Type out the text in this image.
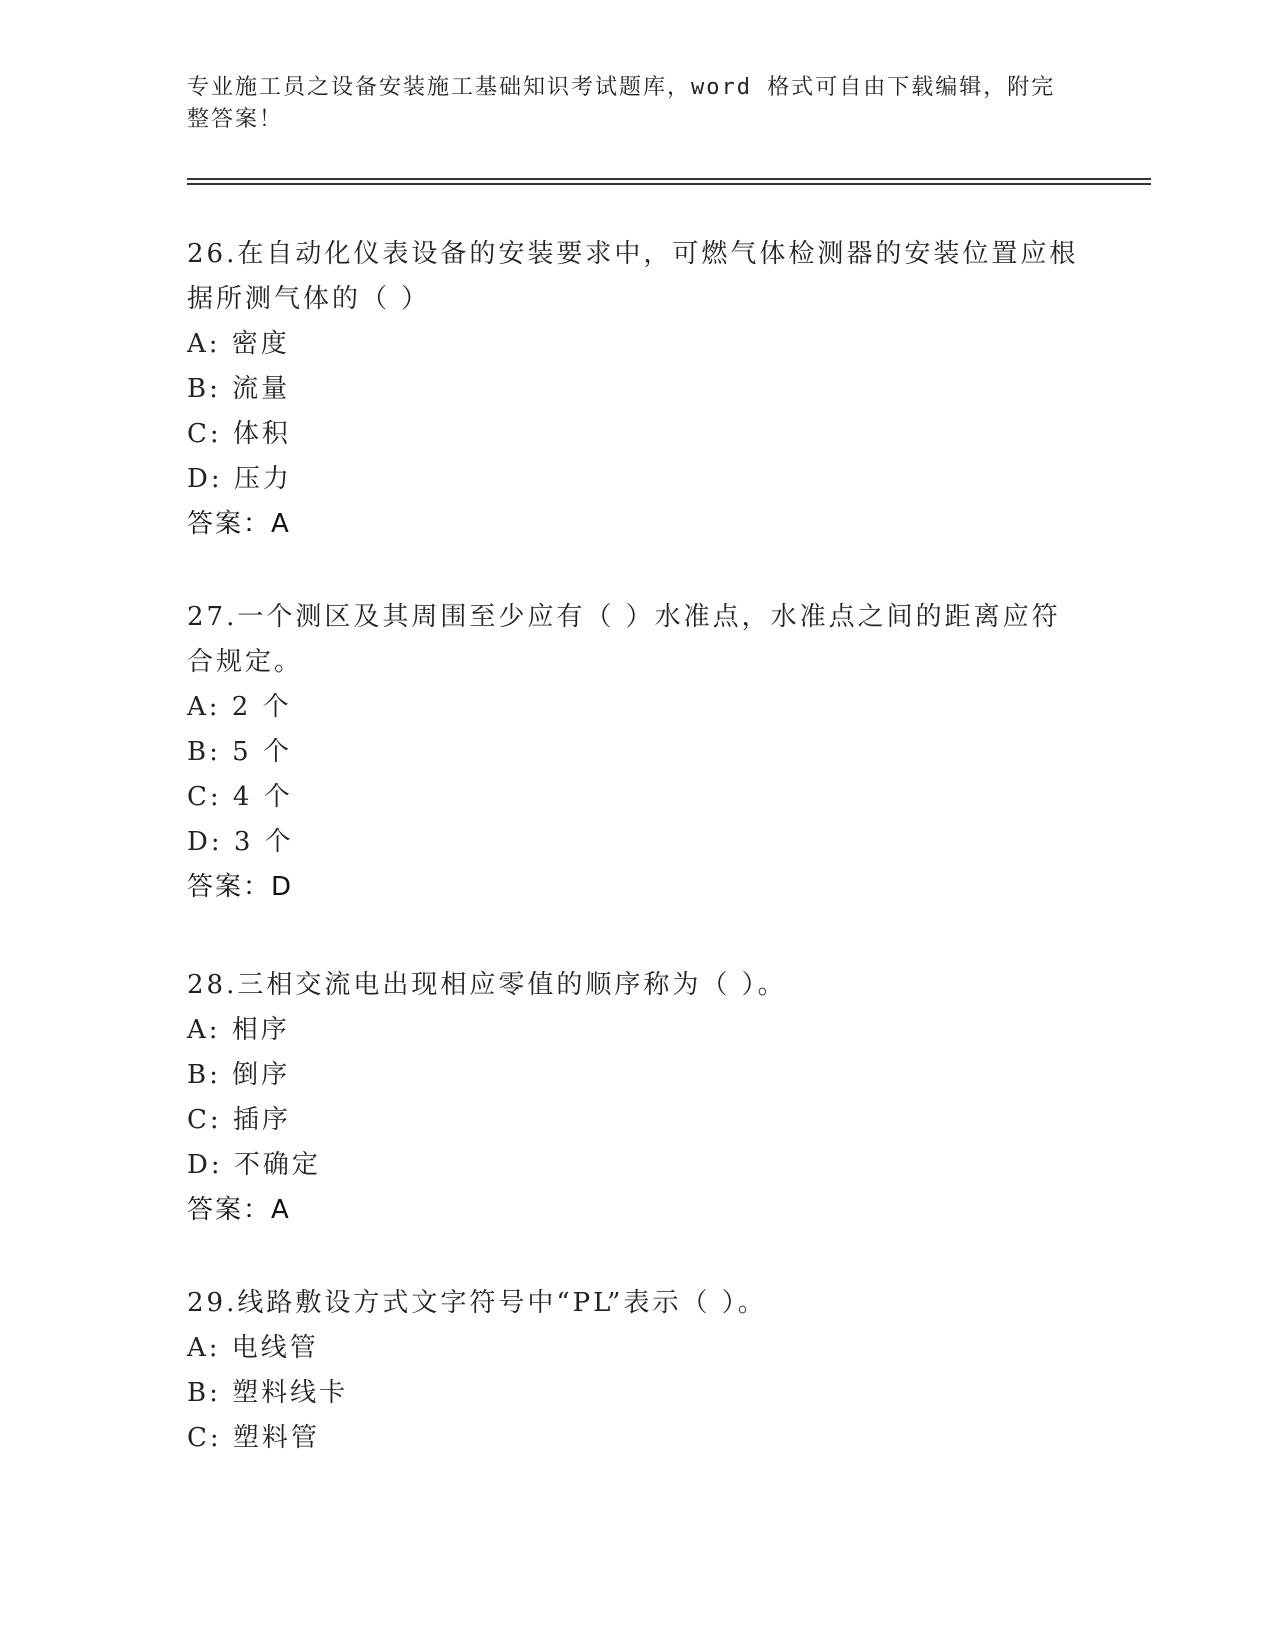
专业施工员之设备安装施工基础知识考试题库，word 格式可自由下载编辑，附完整答案！
26.在自动化仪表设备的安装要求中，可燃气体检测器的安装位置应根据所测气体的（ ）
A: 密度
B: 流量
C: 体积
D: 压力
答案：A
27.一个测区及其周围至少应有（ ）水准点，水准点之间的距离应符合规定。
A: 2 个
B: 5 个
C: 4 个
D: 3 个
答案：D
28.三相交流电出现相应零值的顺序称为（ ）。
A: 相序
B: 倒序
C: 插序
D: 不确定
答案：A
29.线路敷设方式文字符号中“PL”表示（ ）。
A: 电线管
B: 塑料线卡
C: 塑料管
